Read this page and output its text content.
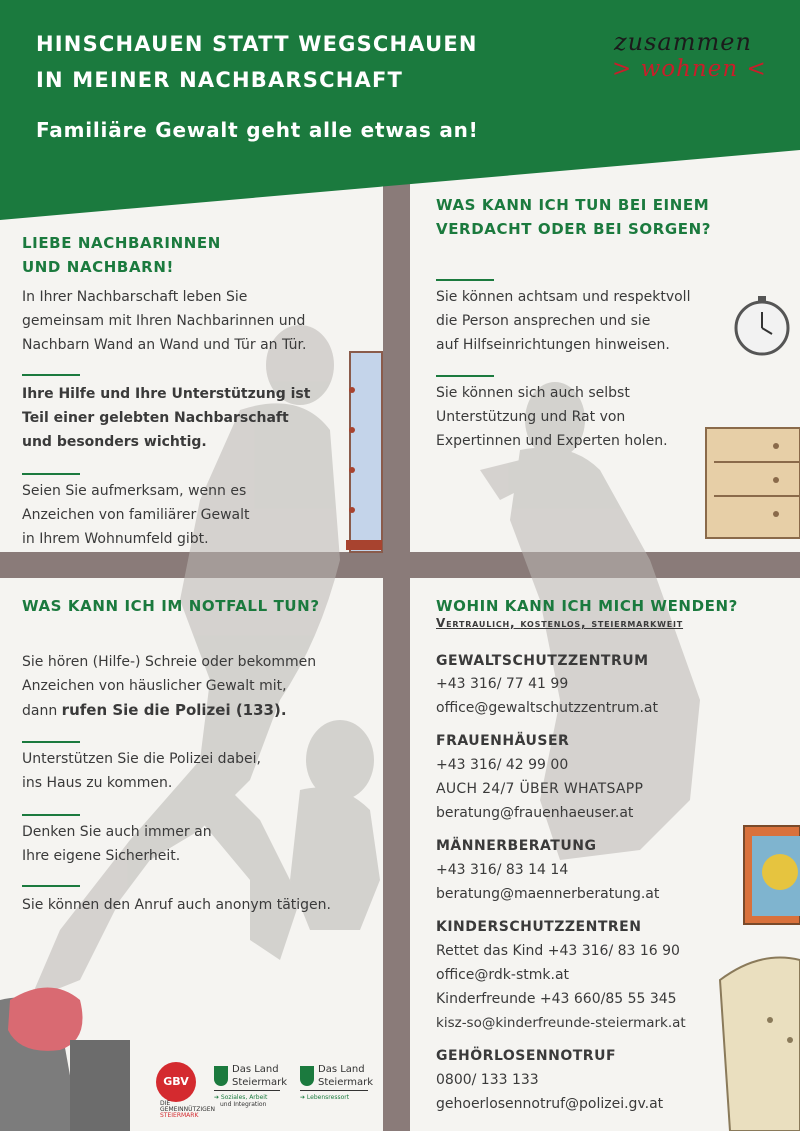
HINSCHAUEN STATT WEGSCHAUEN
IN MEINER NACHBARSCHAFT
Familiäre Gewalt geht alle etwas an!
zusammen
> wohnen <
LIEBE NACHBARINNEN
UND NACHBARN!
In Ihrer Nachbarschaft leben Sie
gemeinsam mit Ihren Nachbarinnen und
Nachbarn Wand an Wand und Tür an Tür.
Ihre Hilfe und Ihre Unterstützung ist
Teil einer gelebten Nachbarschaft
und besonders wichtig.
Seien Sie aufmerksam, wenn es
Anzeichen von familiärer Gewalt
in Ihrem Wohnumfeld gibt.
WAS KANN ICH TUN BEI EINEM
VERDACHT ODER BEI SORGEN?
Sie können achtsam und respektvoll
die Person ansprechen und sie
auf Hilfseinrichtungen hinweisen.
Sie können sich auch selbst
Unterstützung und Rat von
Expertinnen und Experten holen.
WAS KANN ICH IM NOTFALL TUN?
Sie hören (Hilfe-) Schreie oder bekommen
Anzeichen von häuslicher Gewalt mit,
dann rufen Sie die Polizei (133).
Unterstützen Sie die Polizei dabei,
ins Haus zu kommen.
Denken Sie auch immer an
Ihre eigene Sicherheit.
Sie können den Anruf auch anonym tätigen.
WOHIN KANN ICH MICH WENDEN?
Vertraulich, kostenlos, steiermarkweit
GEWALTSCHUTZZENTRUM
+43 316/ 77 41 99
office@gewaltschutzzentrum.at
FRAUENHÄUSER
+43 316/ 42 99 00
AUCH 24/7 ÜBER WHATSAPP
beratung@frauenhaeuser.at
MÄNNERBERATUNG
+43 316/ 83 14 14
beratung@maennerberatung.at
KINDERSCHUTZZENTREN
Rettet das Kind +43 316/ 83 16 90
office@rdk-stmk.at
Kinderfreunde +43 660/85 55 345
kisz-so@kinderfreunde-steiermark.at
GEHÖRLOSENNOTRUF
0800/ 133 133
gehoerlosennotruf@polizei.gv.at
GBV
DIE
GEMEINNÜTZIGEN
STEIERMARK
Das Land
Steiermark
➔ Soziales, Arbeit
und Integration
Das Land
Steiermark
➔ Lebensressort
